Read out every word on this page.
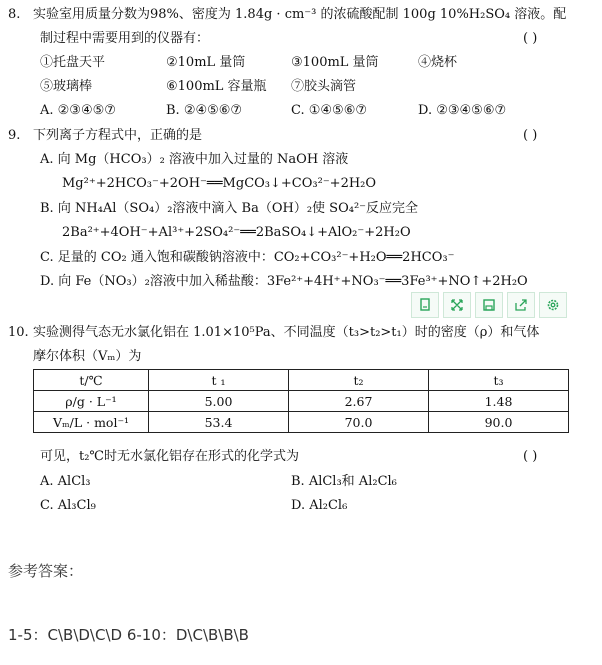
8. 实验室用质量分数为98%、密度为 1.84g · cm⁻³ 的浓硫酸配制 100g 10%H₂SO₄ 溶液。配
制过程中需要用到的仪器有：	( )
①托盘天平	②10mL 量筒	③100mL 量筒	④烧杯
⑤玻璃棒	⑥100mL 容量瓶 ⑦胶头滴管
A. ②③④⑤⑦	B. ②④⑤⑥⑦	C. ①④⑤⑥⑦	D. ②③④⑤⑥⑦
9. 下列离子方程式中，正确的是	( )
A. 向 Mg（HCO₃）₂ 溶液中加入过量的 NaOH 溶液
Mg²⁺+2HCO₃⁻+2OH⁻══MgCO₃↓+CO₃²⁻+2H₂O
B. 向 NH₄Al（SO₄）₂溶液中滴入 Ba（OH）₂使 SO₄²⁻反应完全
2Ba²⁺+4OH⁻+Al³⁺+2SO₄²⁻══2BaSO₄↓+AlO₂⁻+2H₂O
C. 足量的 CO₂ 通入饱和碳酸钠溶液中：CO₂+CO₃²⁻+H₂O══2HCO₃⁻
D. 向 Fe（NO₃）₂溶液中加入稀盐酸：3Fe²⁺+4H⁺+NO₃⁻══3Fe³⁺+NO↑+2H₂O
10. 实验测得气态无水氯化铝在 1.01×10⁵Pa、不同温度（t₃>t₂>t₁）时的密度（ρ）和气体
摩尔体积（Vₘ）为
t/℃	t ₁	t₂	t₃
ρ/g · L⁻¹	5.00	2.67	1.48
Vₘ/L · mol⁻¹	53.4	70.0	90.0
可见，t₂℃时无水氯化铝存在形式的化学式为	( )
A. AlCl₃	B. AlCl₃和 Al₂Cl₆
C. Al₃Cl₉	D. Al₂Cl₆
参考答案：
1-5：C\B\D\C\D 6-10：D\C\B\B\B
